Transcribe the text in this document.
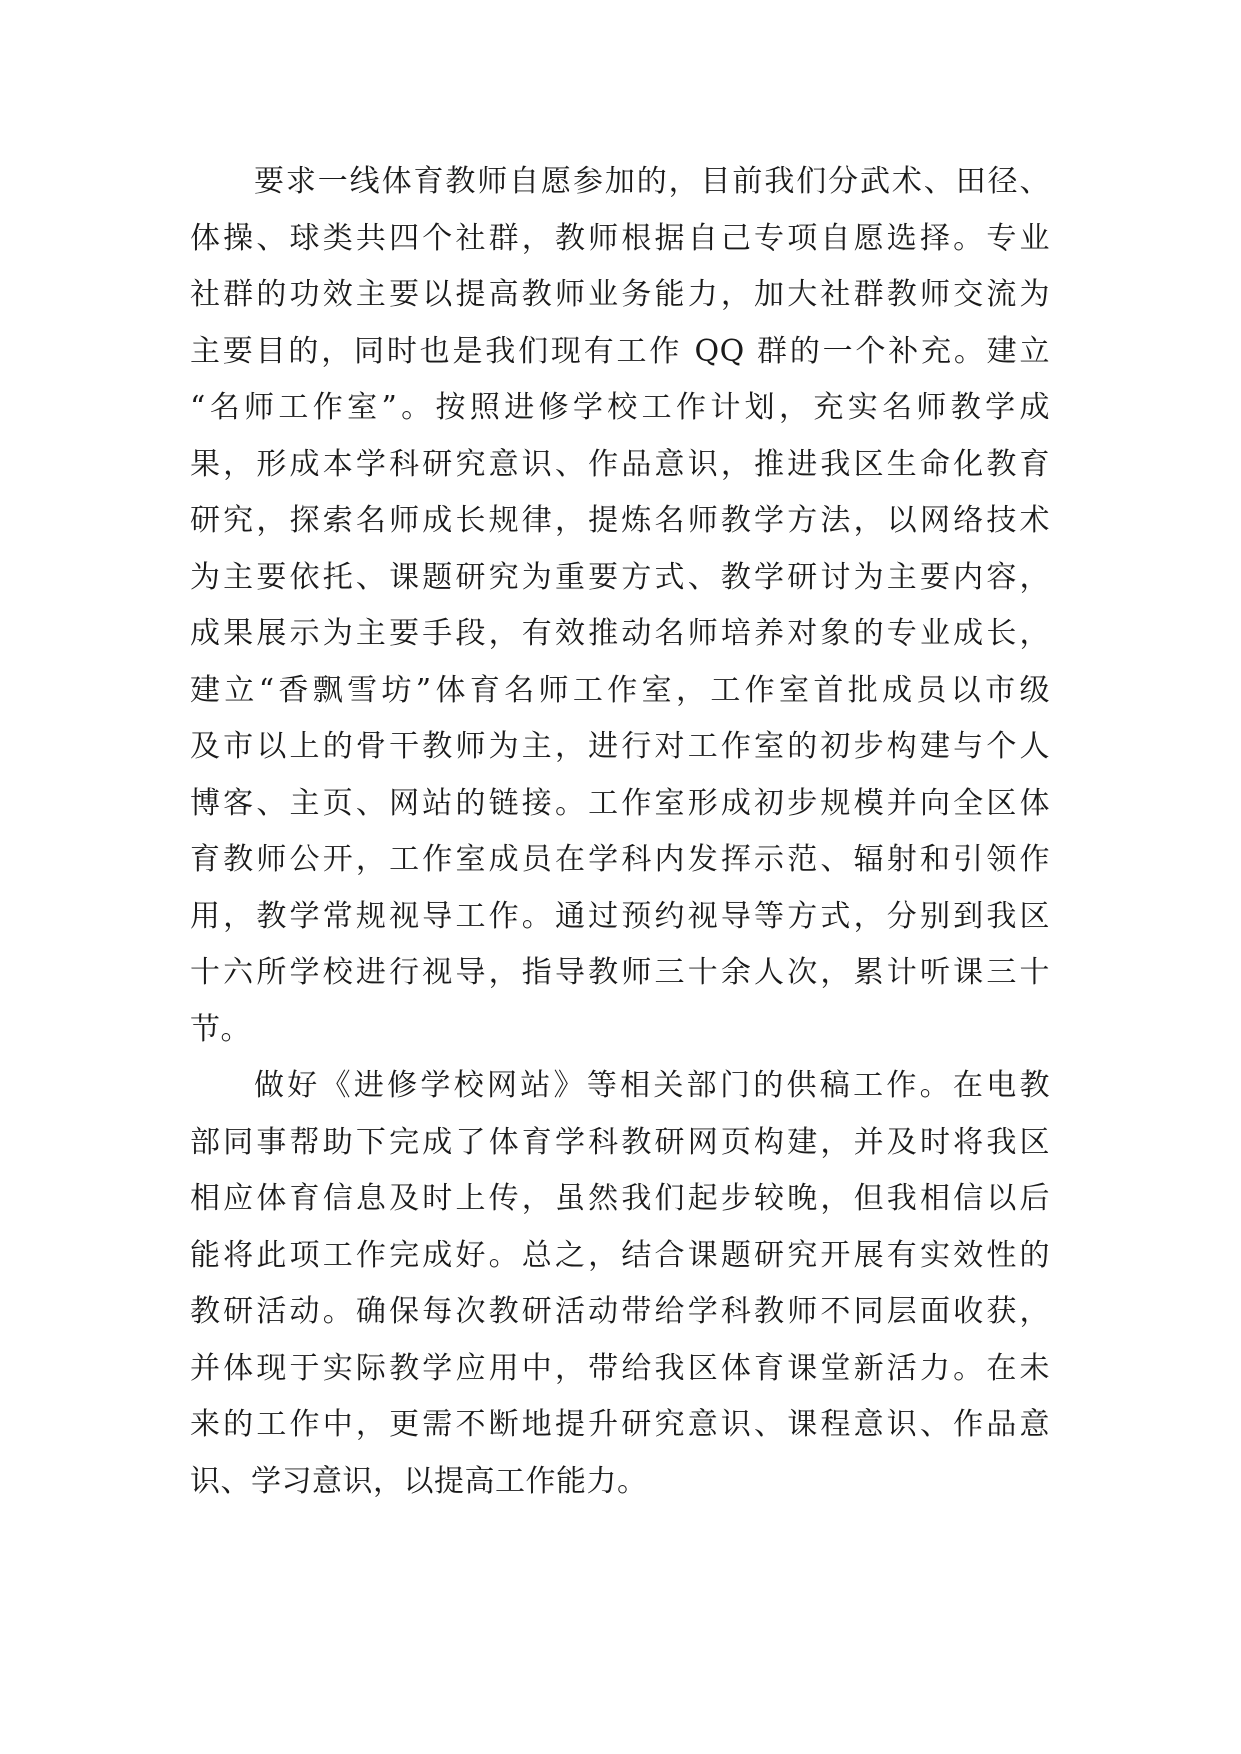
要求一线体育教师自愿参加的，目前我们分武术、田径、
体操、球类共四个社群，教师根据自己专项自愿选择。专业
社群的功效主要以提高教师业务能力，加大社群教师交流为
主要目的，同时也是我们现有工作 QQ 群的一个补充。建立
“名师工作室”。按照进修学校工作计划，充实名师教学成
果，形成本学科研究意识、作品意识，推进我区生命化教育
研究，探索名师成长规律，提炼名师教学方法，以网络技术
为主要依托、课题研究为重要方式、教学研讨为主要内容，
成果展示为主要手段，有效推动名师培养对象的专业成长，
建立“香飘雪坊”体育名师工作室，工作室首批成员以市级
及市以上的骨干教师为主，进行对工作室的初步构建与个人
博客、主页、网站的链接。工作室形成初步规模并向全区体
育教师公开，工作室成员在学科内发挥示范、辐射和引领作
用，教学常规视导工作。通过预约视导等方式，分别到我区
十六所学校进行视导，指导教师三十余人次，累计听课三十
节。
做好《进修学校网站》等相关部门的供稿工作。在电教
部同事帮助下完成了体育学科教研网页构建，并及时将我区
相应体育信息及时上传，虽然我们起步较晚，但我相信以后
能将此项工作完成好。总之，结合课题研究开展有实效性的
教研活动。确保每次教研活动带给学科教师不同层面收获，
并体现于实际教学应用中，带给我区体育课堂新活力。在未
来的工作中，更需不断地提升研究意识、课程意识、作品意
识、学习意识，以提高工作能力。
